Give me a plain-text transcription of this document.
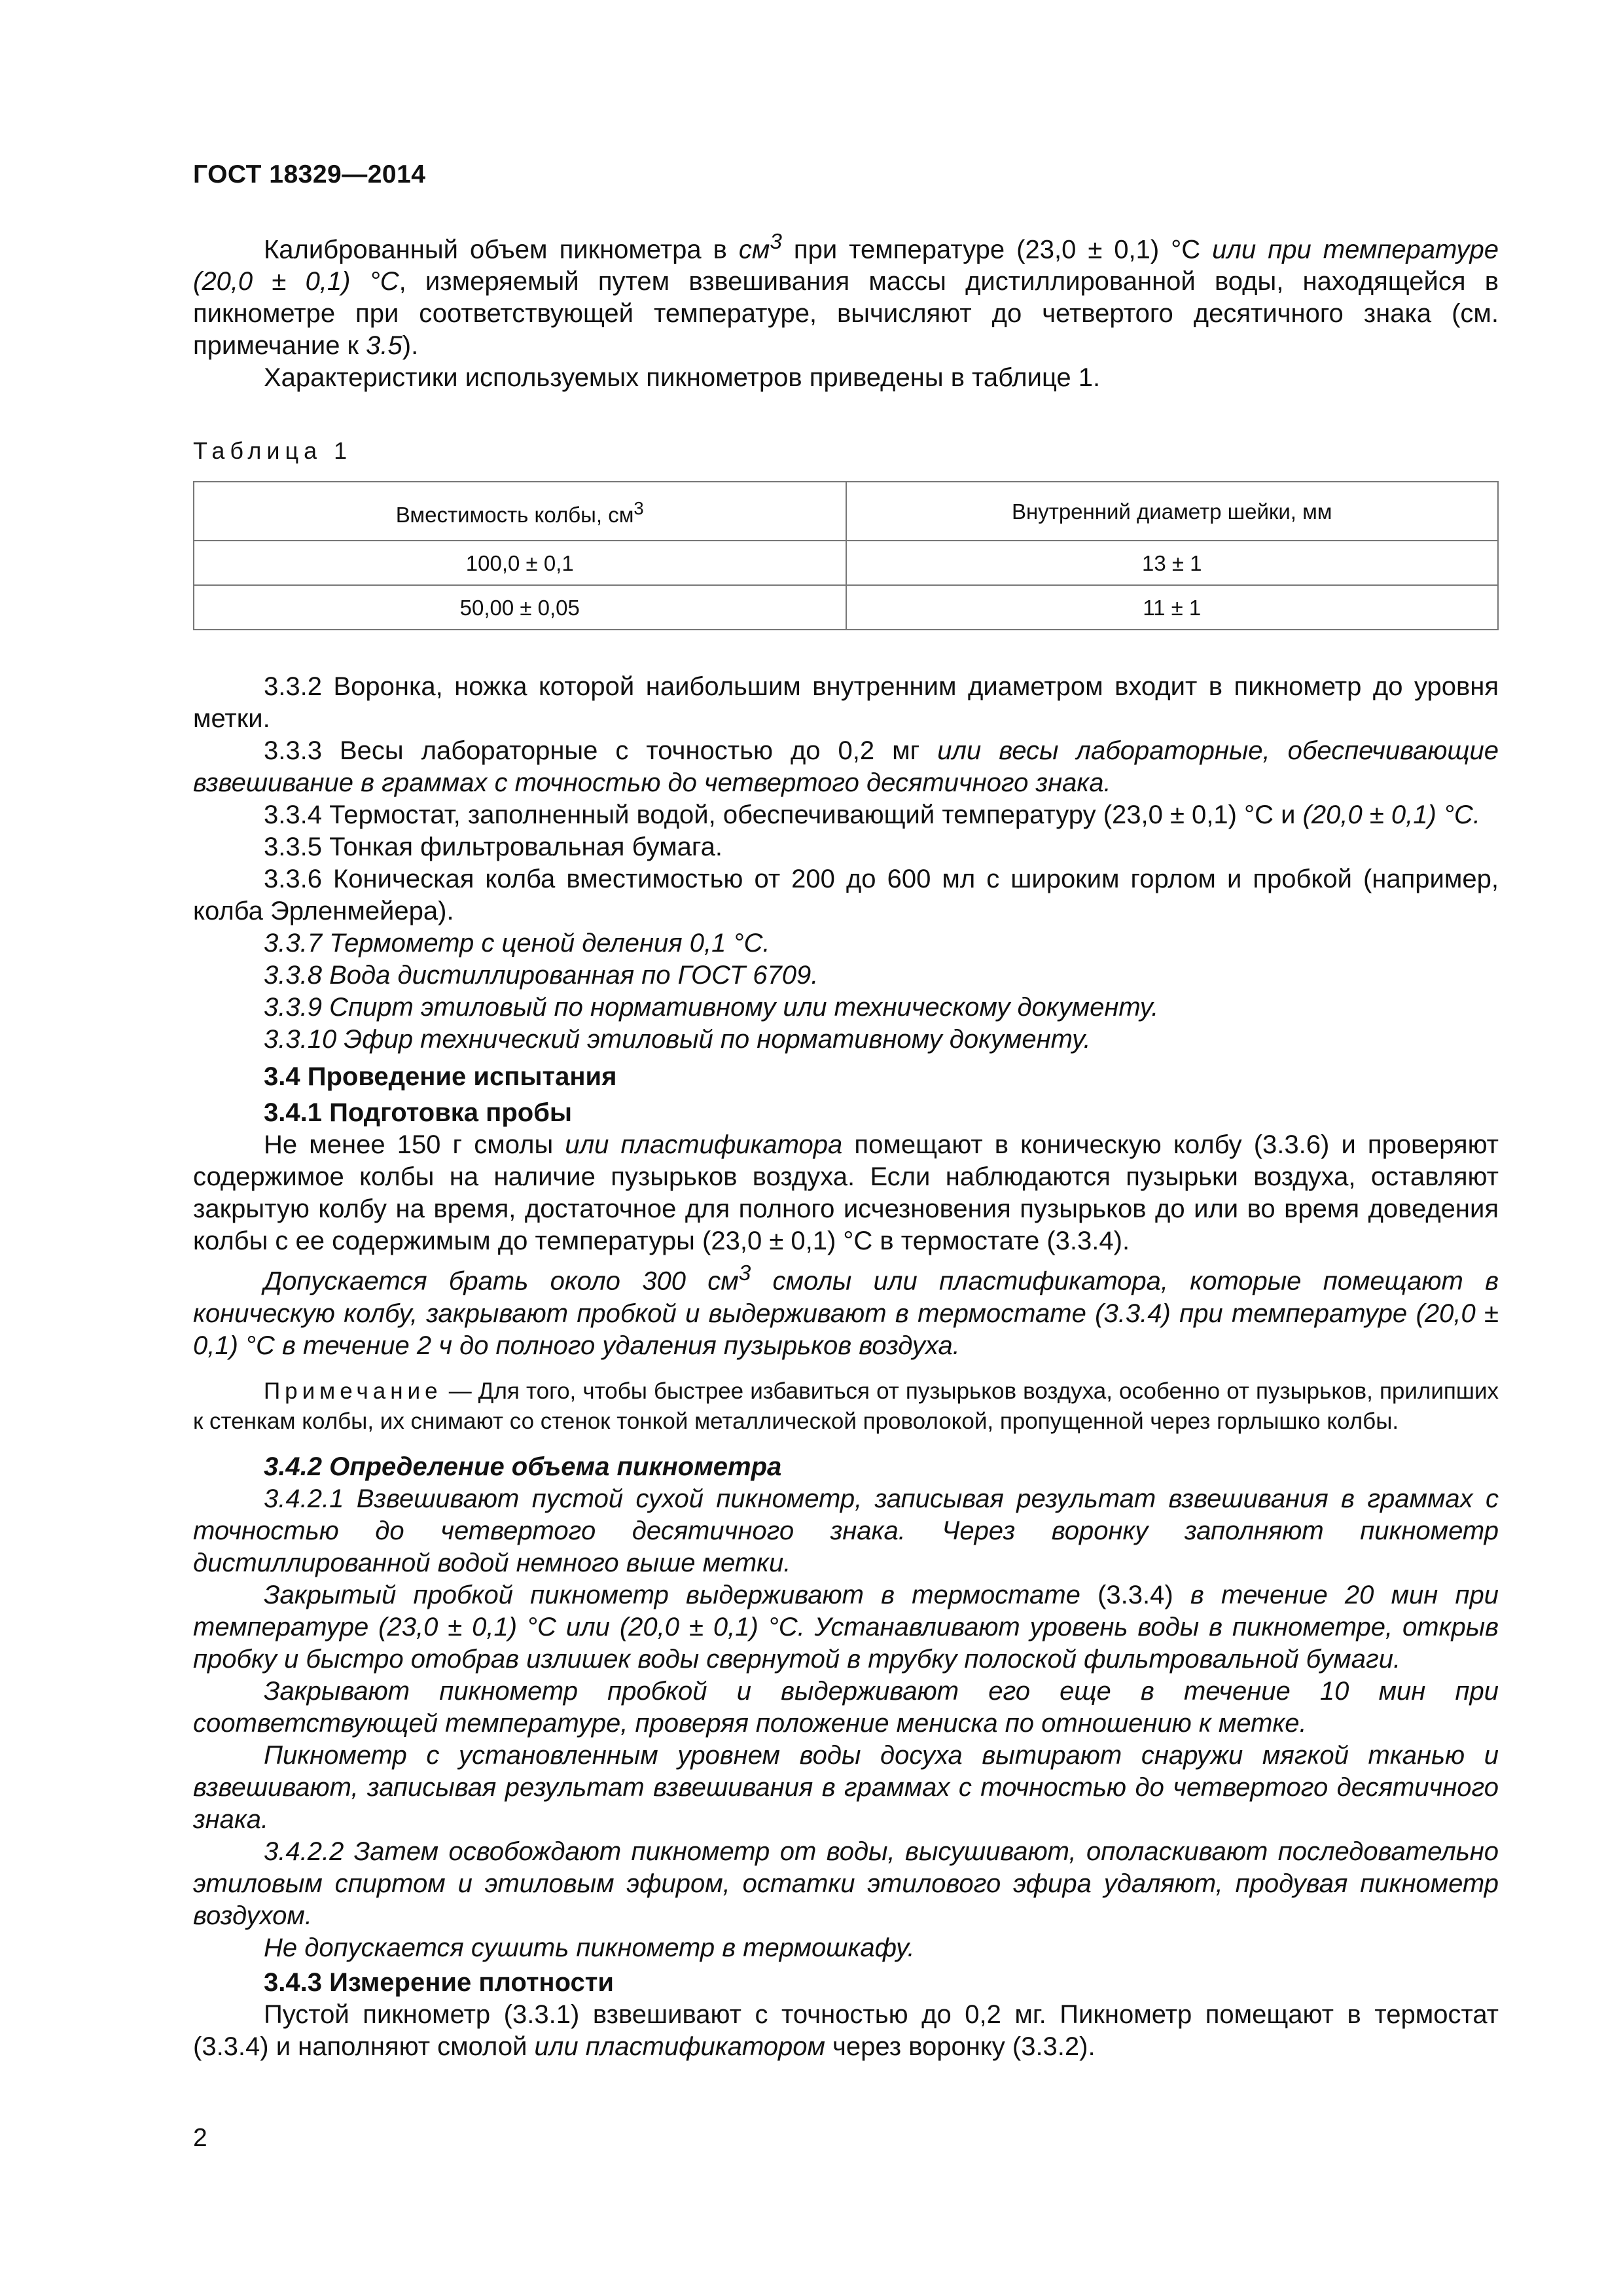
ГОСТ 18329—2014

Калиброванный объем пикнометра в $см^3$ при температуре (23,0 ± 0,1) °С или при температуре (20,0 ± 0,1) °С, измеряемый путем взвешивания массы дистиллированной воды, находящейся в пикнометре при соответствующей температуре, вычисляют до четвертого десятичного знака (см. примечание к 3.5).

Характеристики используемых пикнометров приведены в таблице 1.

Таблица 1
Вместимость колбы, $см^3$	Внутренний диаметр шейки, мм
100,0 ± 0,1	13 ± 1
50,00 ± 0,05	11 ± 1

3.3.2 Воронка, ножка которой наибольшим внутренним диаметром входит в пикнометр до уровня метки.

3.3.3 Весы лабораторные с точностью до 0,2 мг или весы лабораторные, обеспечивающие взвешивание в граммах с точностью до четвертого десятичного знака.

3.3.4 Термостат, заполненный водой, обеспечивающий температуру (23,0 ± 0,1) °С и (20,0 ± 0,1) °С.

3.3.5 Тонкая фильтровальная бумага.

3.3.6 Коническая колба вместимостью от 200 до 600 мл с широким горлом и пробкой (например, колба Эрленмейера).

3.3.7 Термометр с ценой деления 0,1 °С.

3.3.8 Вода дистиллированная по ГОСТ 6709.

3.3.9 Спирт этиловый по нормативному или техническому документу.

3.3.10 Эфир технический этиловый по нормативному документу.

3.4 Проведение испытания

3.4.1 Подготовка пробы

Не менее 150 г смолы или пластификатора помещают в коническую колбу (3.3.6) и проверяют содержимое колбы на наличие пузырьков воздуха. Если наблюдаются пузырьки воздуха, оставляют закрытую колбу на время, достаточное для полного исчезновения пузырьков до или во время доведения колбы с ее содержимым до температуры (23,0 ± 0,1) °С в термостате (3.3.4).

Допускается брать около 300 $см^3$ смолы или пластификатора, которые помещают в коническую колбу, закрывают пробкой и выдерживают в термостате (3.3.4) при температуре (20,0 ± 0,1) °С в течение 2 ч до полного удаления пузырьков воздуха.

Примечание — Для того, чтобы быстрее избавиться от пузырьков воздуха, особенно от пузырьков, прилипших к стенкам колбы, их снимают со стенок тонкой металлической проволокой, пропущенной через горлышко колбы.

3.4.2 Определение объема пикнометра

3.4.2.1 Взвешивают пустой сухой пикнометр, записывая результат взвешивания в граммах с точностью до четвертого десятичного знака. Через воронку заполняют пикнометр дистиллированной водой немного выше метки.

Закрытый пробкой пикнометр выдерживают в термостате (3.3.4) в течение 20 мин при температуре (23,0 ± 0,1) °С или (20,0 ± 0,1) °С. Устанавливают уровень воды в пикнометре, открыв пробку и быстро отобрав излишек воды свернутой в трубку полоской фильтровальной бумаги.

Закрывают пикнометр пробкой и выдерживают его еще в течение 10 мин при соответствующей температуре, проверяя положение мениска по отношению к метке.

Пикнометр с установленным уровнем воды досуха вытирают снаружи мягкой тканью и взвешивают, записывая результат взвешивания в граммах с точностью до четвертого десятичного знака.

3.4.2.2 Затем освобождают пикнометр от воды, высушивают, ополаскивают последовательно этиловым спиртом и этиловым эфиром, остатки этилового эфира удаляют, продувая пикнометр воздухом.

Не допускается сушить пикнометр в термошкафу.

3.4.3 Измерение плотности

Пустой пикнометр (3.3.1) взвешивают с точностью до 0,2 мг. Пикнометр помещают в термостат (3.3.4) и наполняют смолой или пластификатором через воронку (3.3.2).

2
